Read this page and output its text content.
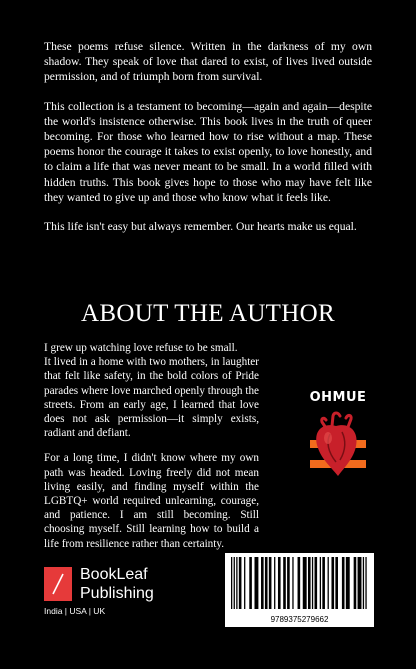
These poems refuse silence. Written in the darkness of my own shadow. They speak of love that dared to exist, of lives lived outside permission, and of triumph born from survival.

This collection is a testament to becoming—again and again—despite the world's insistence otherwise. This book lives in the truth of queer becoming. For those who learned how to rise without a map. These poems honor the courage it takes to exist openly, to love honestly, and to claim a life that was never meant to be small. In a world filled with hidden truths. This book gives hope to those who may have felt like they wanted to give up and those who know what it feels like.

This life isn't easy but always remember. Our hearts make us equal.

ABOUT THE AUTHOR

I grew up watching love refuse to be small.
It lived in a home with two mothers, in laughter that felt like safety, in the bold colors of Pride parades where love marched openly through the streets. From an early age, I learned that love does not ask permission—it simply exists, radiant and defiant.

For a long time, I didn't know where my own path was headed. Loving freely did not mean living easily, and finding myself within the LGBTQ+ world required unlearning, courage, and patience. I am still becoming. Still choosing myself. Still learning how to build a life from resilience rather than certainty.

OHMUE
BookLeaf
Publishing
India | USA | UK
9789375279662
